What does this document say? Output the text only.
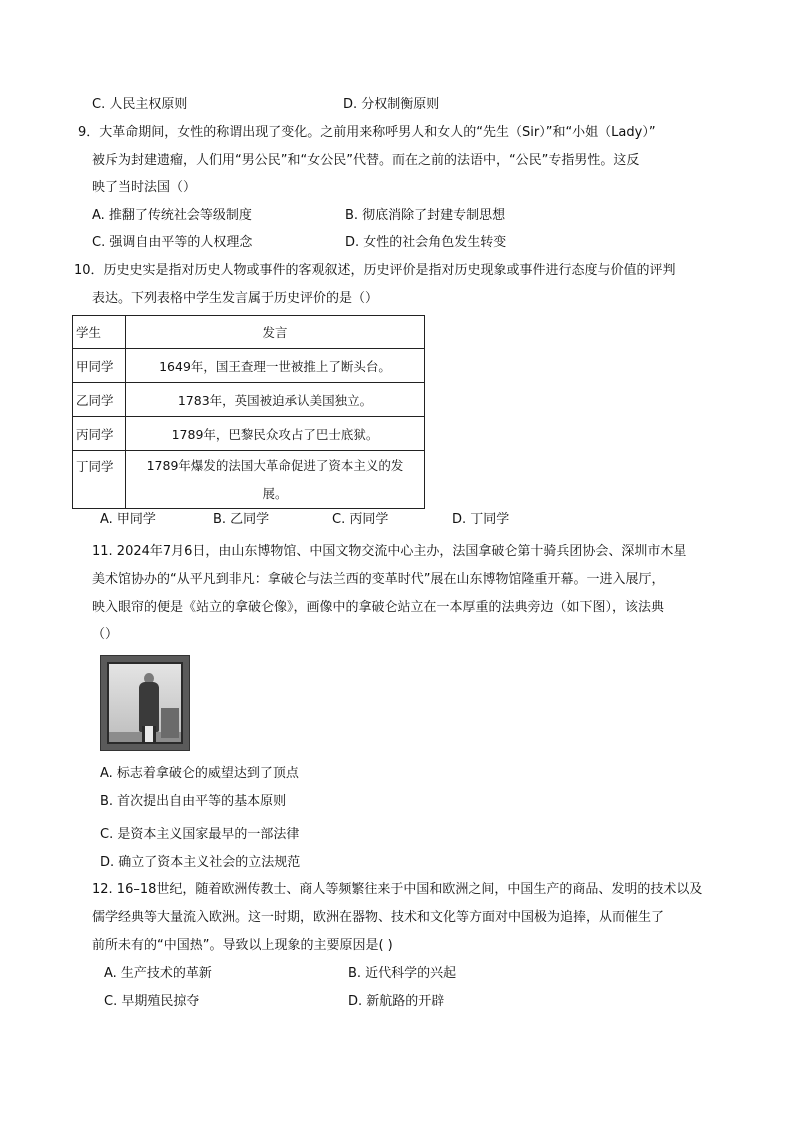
C. 人民主权原则	D. 分权制衡原则
9．大革命期间，女性的称谓出现了变化。之前用来称呼男人和女人的“先生（Sir）”和“小姐（Lady）”
被斥为封建遗瘤，人们用“男公民”和“女公民”代替。而在之前的法语中，“公民”专指男性。这反
映了当时法国（）
A. 推翻了传统社会等级制度	B. 彻底消除了封建专制思想
C. 强调自由平等的人权理念	D. 女性的社会角色发生转变
10．历史史实是指对历史人物或事件的客观叙述，历史评价是指对历史现象或事件进行态度与价值的评判
表达。下列表格中学生发言属于历史评价的是（）
学生	发言
甲同学	1649年，国王查理一世被推上了断头台。
乙同学	1783年，英国被迫承认美国独立。
丙同学	1789年，巴黎民众攻占了巴士底狱。
丁同学	1789年爆发的法国大革命促进了资本主义的发
展。
A. 甲同学	B. 乙同学	C. 丙同学	D. 丁同学
11. 2024年7月6日，由山东博物馆、中国文物交流中心主办，法国拿破仑第十骑兵团协会、深圳市木星
美术馆协办的“从平凡到非凡：拿破仑与法兰西的变革时代”展在山东博物馆隆重开幕。一进入展厅，
映入眼帘的便是《站立的拿破仑像》，画像中的拿破仑站立在一本厚重的法典旁边（如下图），该法典
（）
A. 标志着拿破仑的威望达到了顶点
B. 首次提出自由平等的基本原则
C. 是资本主义国家最早的一部法律
D. 确立了资本主义社会的立法规范
12. 16–18世纪，随着欧洲传教士、商人等频繁往来于中国和欧洲之间，中国生产的商品、发明的技术以及
儒学经典等大量流入欧洲。这一时期，欧洲在器物、技术和文化等方面对中国极为追捧，从而催生了
前所未有的“中国热”。导致以上现象的主要原因是( )
A. 生产技术的革新	B. 近代科学的兴起
C. 早期殖民掠夺	D. 新航路的开辟
